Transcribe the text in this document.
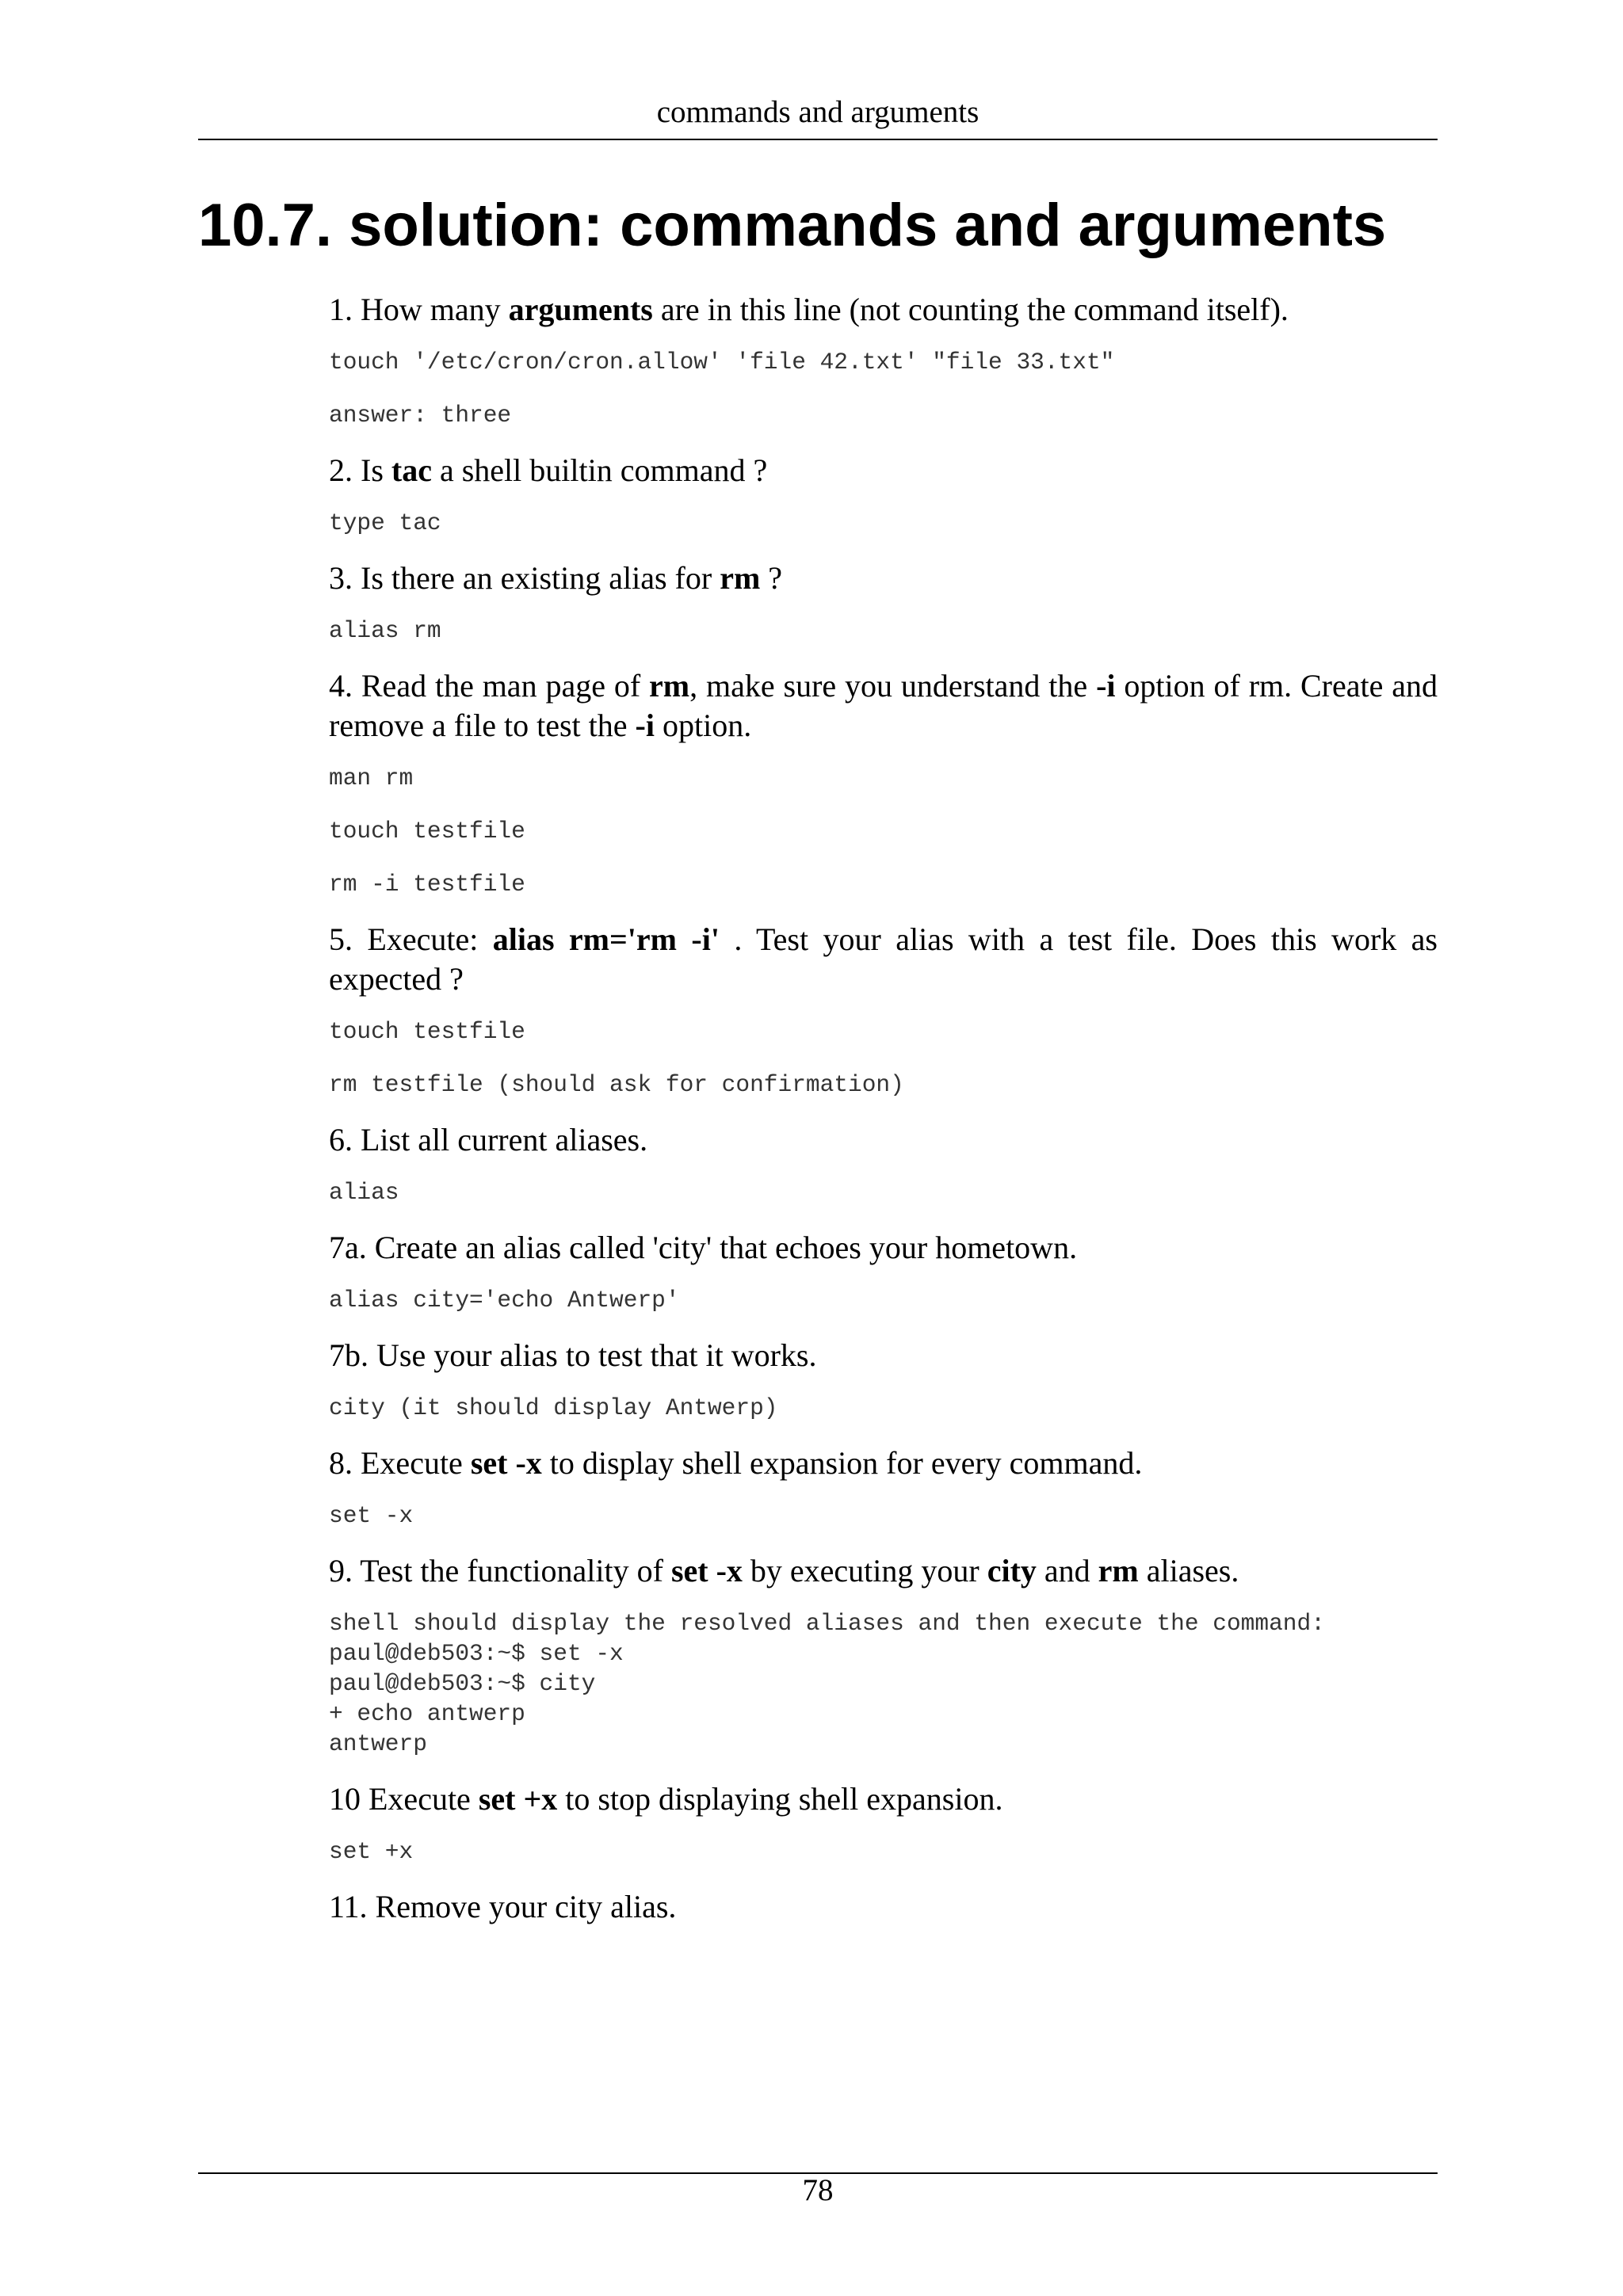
commands and arguments
10.7. solution: commands and arguments

1. How many arguments are in this line (not counting the command itself).

touch '/etc/cron/cron.allow' 'file 42.txt' "file 33.txt"
answer: three

2. Is tac a shell builtin command ?

type tac

3. Is there an existing alias for rm ?

alias rm

4. Read the man page of rm, make sure you understand the -i option of rm. Create and remove a file to test the -i option.

man rm
touch testfile
rm -i testfile

5. Execute: alias rm='rm -i' . Test your alias with a test file. Does this work as expected ?

touch testfile
rm testfile (should ask for confirmation)

6. List all current aliases.

alias

7a. Create an alias called 'city' that echoes your hometown.

alias city='echo Antwerp'

7b. Use your alias to test that it works.

city (it should display Antwerp)

8. Execute set -x to display shell expansion for every command.

set -x

9. Test the functionality of set -x by executing your city and rm aliases.

shell should display the resolved aliases and then execute the command:
paul@deb503:~$ set -x
paul@deb503:~$ city
+ echo antwerp
antwerp

10 Execute set +x to stop displaying shell expansion.

set +x

11. Remove your city alias.

78
